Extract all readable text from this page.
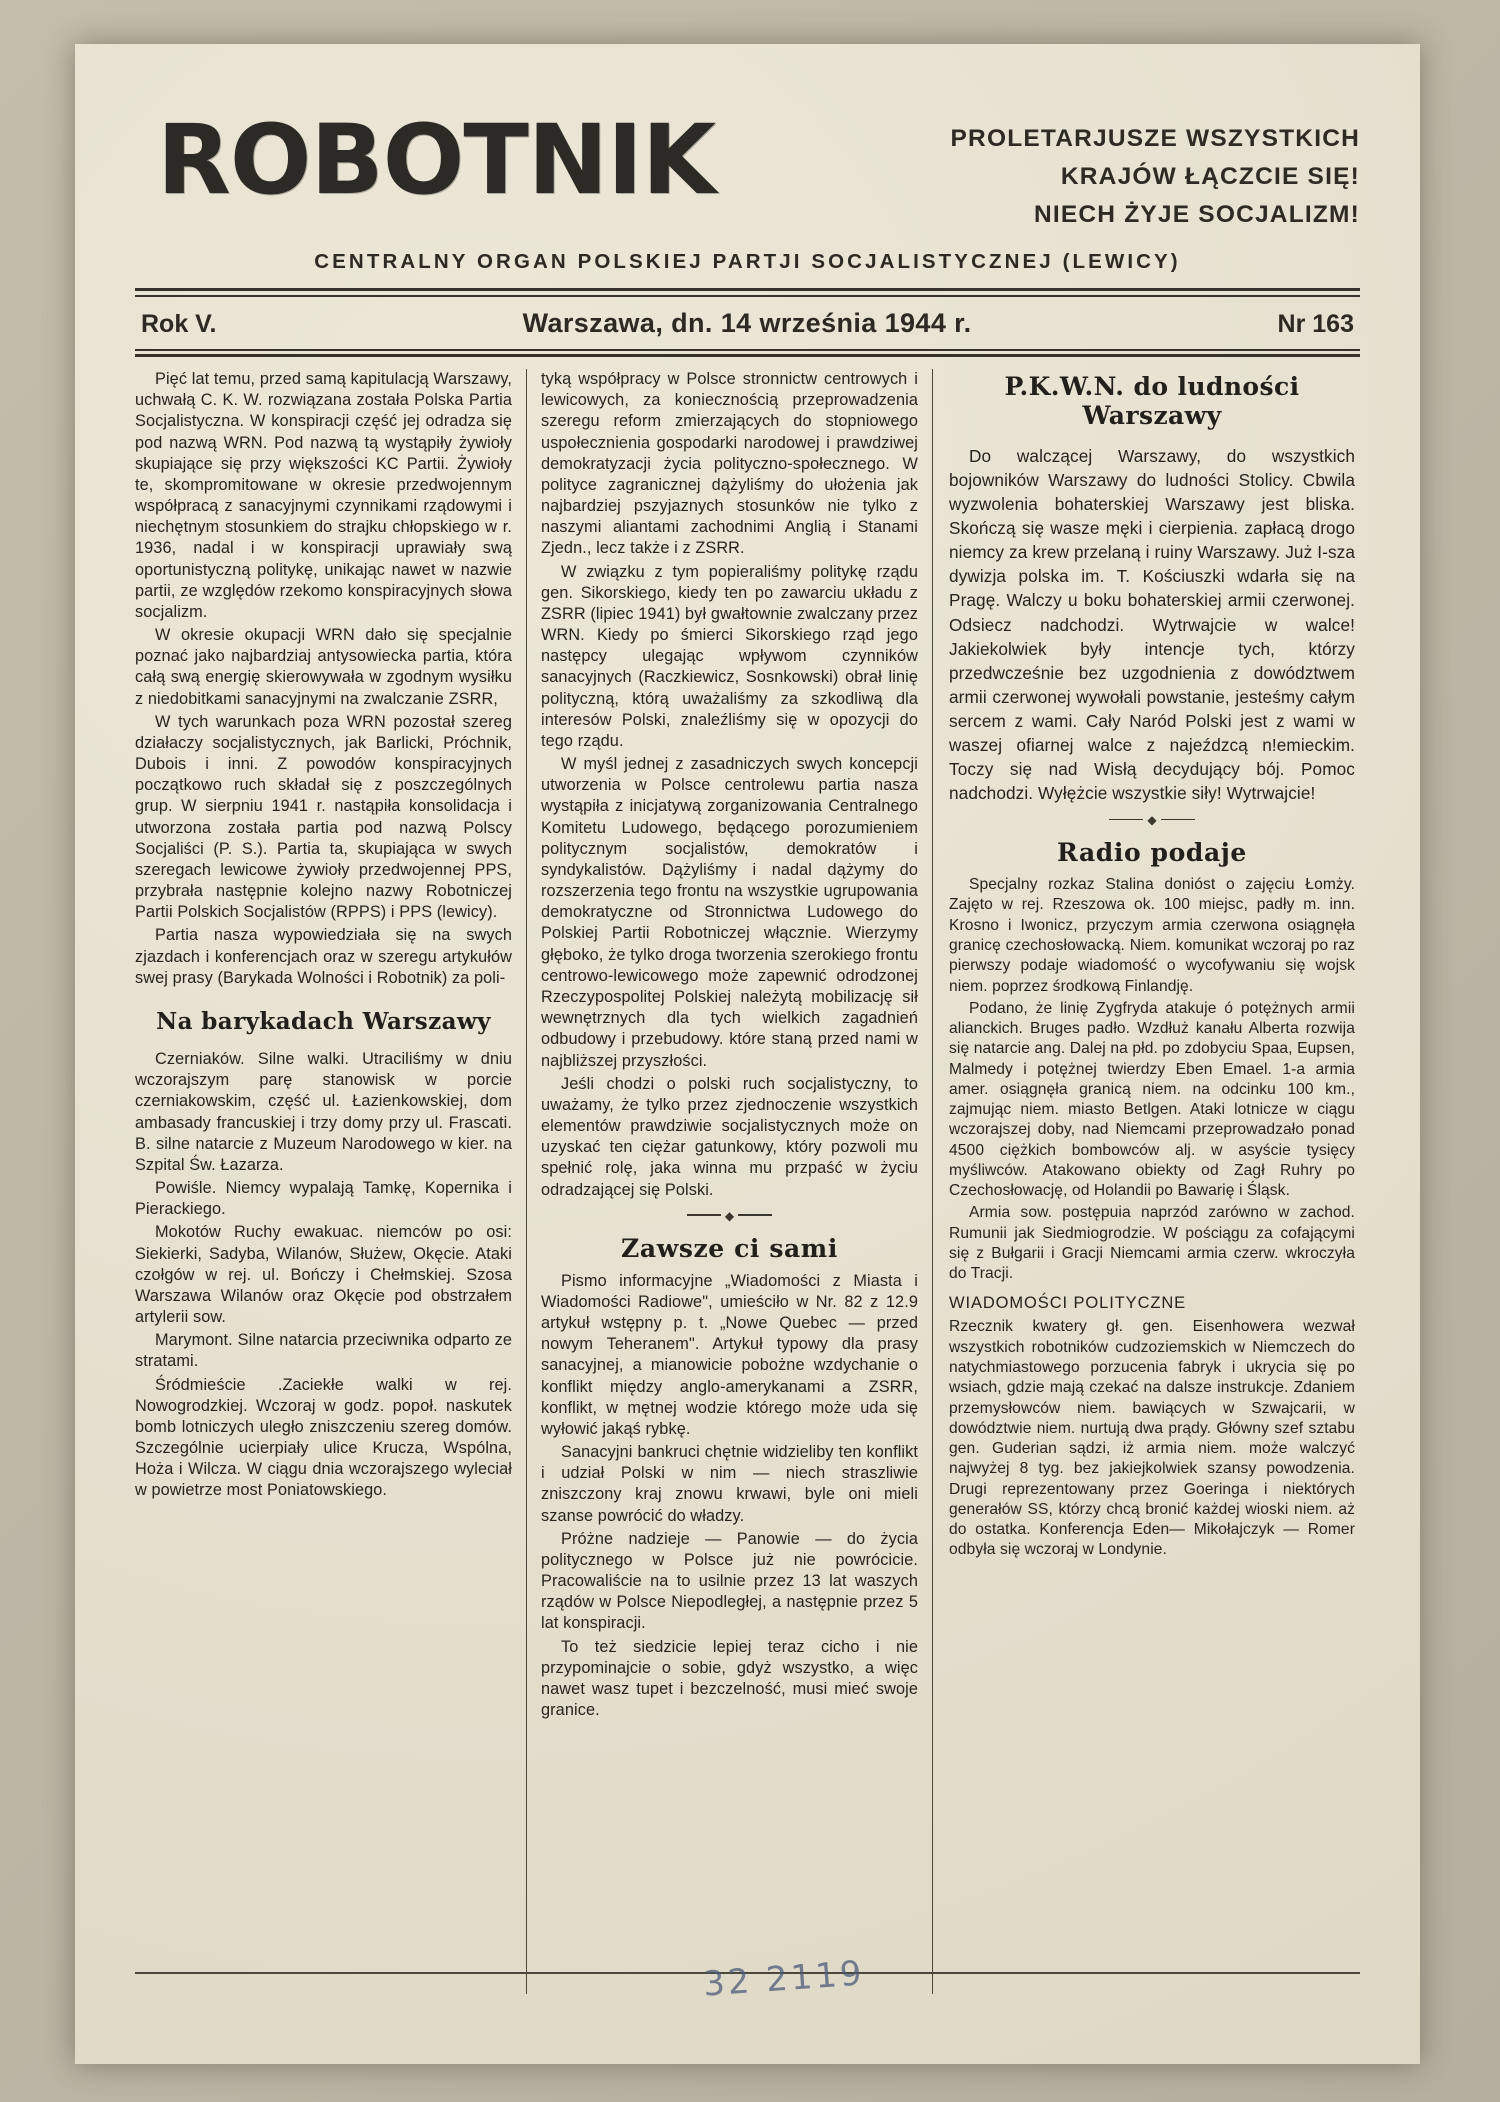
ROBOTNIK	PROLETARJUSZE WSZYSTKICH
KRAJÓW ŁĄCZCIE SIĘ!
NIECH ŻYJE SOCJALIZM!
CENTRALNY ORGAN POLSKIEJ PARTJI SOCJALISTYCZNEJ (LEWICY)
Rok V.	Warszawa, dn. 14 września 1944 r.	Nr 163

Pięć lat temu, przed samą kapitulacją Warszawy, uchwałą C. K. W. rozwiązana została Polska Partia Socjalistyczna. W konspiracji część jej odradza się pod nazwą WRN. Pod nazwą tą wystąpiły żywioły skupiające się przy większości KC Partii. Żywioły te, skompromitowane w okresie przedwojennym współpracą z sanacyjnymi czynnikami rządowymi i niechętnym stosunkiem do strajku chłopskiego w r. 1936, nadal i w konspiracji uprawiały swą oportunistyczną politykę, unikając nawet w nazwie partii, ze względów rzekomo konspiracyjnych słowa socjalizm.

W okresie okupacji WRN dało się specjalnie poznać jako najbardziaj antysowiecka partia, która całą swą energię skierowywała w zgodnym wysiłku z niedobitkami sanacyjnymi na zwalczanie ZSRR,

W tych warunkach poza WRN pozostał szereg działaczy socjalistycznych, jak Barlicki, Próchnik, Dubois i inni. Z powodów konspiracyjnych początkowo ruch składał się z poszczególnych grup. W sierpniu 1941 r. nastąpiła konsolidacja i utworzona została partia pod nazwą Polscy Socjaliści (P. S.). Partia ta, skupiająca w swych szeregach lewicowe żywioły przedwojennej PPS, przybrała następnie kolejno nazwy Robotniczej Partii Polskich Socjalistów (RPPS) i PPS (lewicy).

Partia nasza wypowiedziała się na swych zjazdach i konferencjach oraz w szeregu artykułów swej prasy (Barykada Wolności i Robotnik) za poli-

Na barykadach Warszawy

Czerniaków. Silne walki. Utraciliśmy w dniu wczorajszym parę stanowisk w porcie czerniakowskim, część ul. Łazienkowskiej, dom ambasady francuskiej i trzy domy przy ul. Frascati. B. silne natarcie z Muzeum Narodowego w kier. na Szpital Św. Łazarza.

Powiśle. Niemcy wypalają Tamkę, Kopernika i Pierackiego.

Mokotów Ruchy ewakuac. niemców po osi: Siekierki, Sadyba, Wilanów, Służew, Okęcie. Ataki czołgów w rej. ul. Bończy i Chełmskiej. Szosa Warszawa Wilanów oraz Okęcie pod obstrzałem artylerii sow.

Marymont. Silne natarcia przeciwnika odparto ze stratami.

Śródmieście .Zaciekłe walki w rej. Nowogrodzkiej. Wczoraj w godz. popoł. naskutek bomb lotniczych uległo zniszczeniu szereg domów. Szczególnie ucierpiały ulice Krucza, Wspólna, Hoża i Wilcza. W ciągu dnia wczorajszego wyleciał w powietrze most Poniatowskiego.

tyką współpracy w Polsce stronnictw centrowych i lewicowych, za koniecznością przeprowadzenia szeregu reform zmierzających do stopniowego uspołecznienia gospodarki narodowej i prawdziwej demokratyzacji życia polityczno-społecznego. W polityce zagranicznej dążyliśmy do ułożenia jak najbardziej pszyjaznych stosunków nie tylko z naszymi aliantami zachodnimi Anglią i Stanami Zjedn., lecz także i z ZSRR.

W związku z tym popieraliśmy politykę rządu gen. Sikorskiego, kiedy ten po zawarciu układu z ZSRR (lipiec 1941) był gwałtownie zwalczany przez WRN. Kiedy po śmierci Sikorskiego rząd jego następcy ulegając wpływom czynników sanacyjnych (Raczkiewicz, Sosnkowski) obrał linię polityczną, którą uważaliśmy za szkodliwą dla interesów Polski, znaleźliśmy się w opozycji do tego rządu.

W myśl jednej z zasadniczych swych koncepcji utworzenia w Polsce centrolewu partia nasza wystąpiła z inicjatywą zorganizowania Centralnego Komitetu Ludowego, będącego porozumieniem politycznym socjalistów, demokratów i syndykalistów. Dążyliśmy i nadal dążymy do rozszerzenia tego frontu na wszystkie ugrupowania demokratyczne od Stronnictwa Ludowego do Polskiej Partii Robotniczej włącznie. Wierzymy głęboko, że tylko droga tworzenia szerokiego frontu centrowo-lewicowego może zapewnić odrodzonej Rzeczypospolitej Polskiej należytą mobilizację sił wewnętrznych dla tych wielkich zagadnień odbudowy i przebudowy. które staną przed nami w najbliższej przyszłości.

Jeśli chodzi o polski ruch socjalistyczny, to uważamy, że tylko przez zjednoczenie wszystkich elementów prawdziwie socjalistycznych może on uzyskać ten ciężar gatunkowy, który pozwoli mu spełnić rolę, jaka winna mu przpaść w życiu odradzającej się Polski.

◆
Zawsze ci sami

Pismo informacyjne „Wiadomości z Miasta i Wiadomości Radiowe", umieściło w Nr. 82 z 12.9 artykuł wstępny p. t. „Nowe Quebec — przed nowym Teheranem". Artykuł typowy dla prasy sanacyjnej, a mianowicie pobożne wzdychanie o konflikt między anglo-amerykanami a ZSRR, konflikt, w mętnej wodzie którego może uda się wyłowić jakąś rybkę.

Sanacyjni bankruci chętnie widzieliby ten konflikt i udział Polski w nim — niech straszliwie zniszczony kraj znowu krwawi, byle oni mieli szanse powrócić do władzy.

Próżne nadzieje — Panowie — do życia politycznego w Polsce już nie powrócicie. Pracowaliście na to usilnie przez 13 lat waszych rządów w Polsce Niepodległej, a następnie przez 5 lat konspiracji.

To też siedzicie lepiej teraz cicho i nie przypominajcie o sobie, gdyż wszystko, a więc nawet wasz tupet i bezczelność, musi mieć swoje granice.

P.K.W.N. do ludności Warszawy

Do walczącej Warszawy, do wszystkich bojowników Warszawy do ludności Stolicy. Cbwila wyzwolenia bohaterskiej Warszawy jest bliska. Skończą się wasze męki i cierpienia. zapłacą drogo niemcy za krew przelaną i ruiny Warszawy. Już I-sza dywizja polska im. T. Kościuszki wdarła się na Pragę. Walczy u boku bohaterskiej armii czerwonej. Odsiecz nadchodzi. Wytrwajcie w walce! Jakiekolwiek były intencje tych, którzy przedwcześnie bez uzgodnienia z dowództwem armii czerwonej wywołali powstanie, jesteśmy całym sercem z wami. Cały Naród Polski jest z wami w waszej ofiarnej walce z najeźdzcą n!emieckim. Toczy się nad Wisłą decydujący bój. Pomoc nadchodzi. Wyłężcie wszystkie siły! Wytrwajcie!

◆
Radio podaje

Specjalny rozkaz Stalina donióst o zajęciu Łomży. Zajęto w rej. Rzeszowa ok. 100 miejsc, padły m. inn. Krosno i Iwonicz, przyczym armia czerwona osiągnęła granicę czechosłowacką. Niem. komunikat wczoraj po raz pierwszy podaje wiadomość o wycofywaniu się wojsk niem. poprzez środkową Finlandję.

Podano, że linię Zygfryda atakuje ó potężnych armii alianckich. Bruges padło. Wzdłuż kanału Alberta rozwija się natarcie ang. Dalej na płd. po zdobyciu Spaa, Eupsen, Malmedy i potężnej twierdzy Eben Emael. 1-a armia amer. osiągnęła granicą niem. na odcinku 100 km., zajmując niem. miasto Betlgen. Ataki lotnicze w ciągu wczorajszej doby, nad Niemcami przeprowadzało ponad 4500 ciężkich bombowców alj. w asyście tysięcy myśliwców. Atakowano obiekty od Zagł Ruhry po Czechosłowację, od Holandii po Bawarię i Śląsk.

Armia sow. postępuia naprzód zarówno w zachod. Rumunii jak Siedmiogrodzie. W pościągu za cofającymi się z Bułgarii i Gracji Niemcami armia czerw. wkroczyła do Tracji.

WIADOMOŚCI POLITYCZNE

Rzecznik kwatery gł. gen. Eisenhowera wezwał wszystkich robotników cudzoziemskich w Niemczech do natychmiastowego porzucenia fabryk i ukrycia się po wsiach, gdzie mają czekać na dalsze instrukcje. Zdaniem przemysłowców niem. bawiących w Szwajcarii, w dowództwie niem. nurtują dwa prądy. Główny szef sztabu gen. Guderian sądzi, iż armia niem. może walczyć najwyżej 8 tyg. bez jakiejkolwiek szansy powodzenia. Drugi reprezentowany przez Goeringa i niektórych generałów SS, którzy chcą bronić każdej wioski niem. aż do ostatka. Konferencja Eden— Mikołajczyk — Romer odbyła się wczoraj w Londynie.

32 2119
